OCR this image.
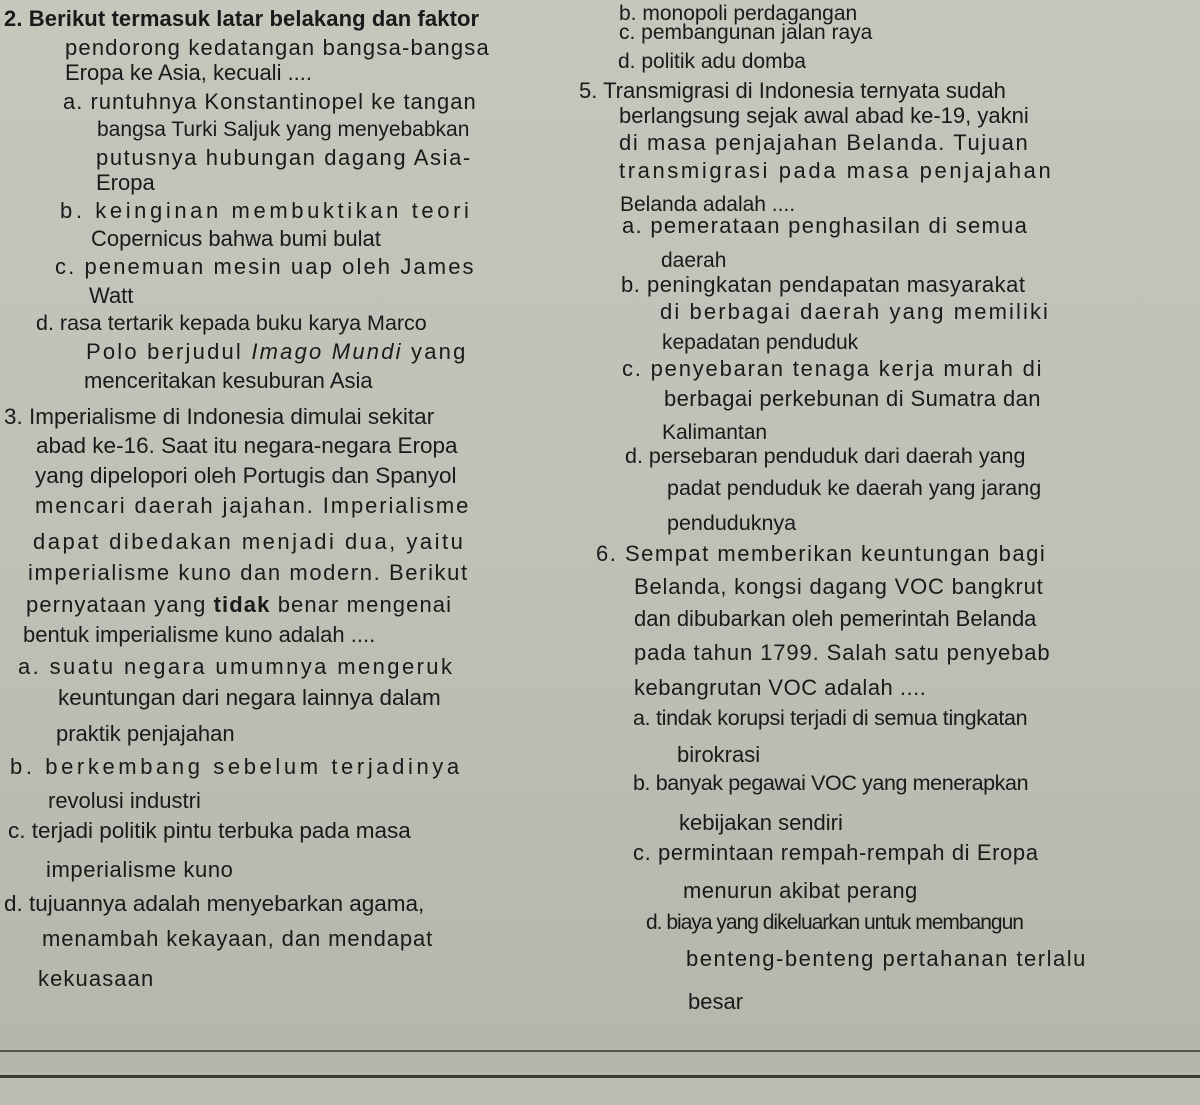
2. Berikut termasuk latar belakang dan faktor
pendorong kedatangan bangsa-bangsa
Eropa ke Asia, kecuali ....
a. runtuhnya Konstantinopel ke tangan
bangsa Turki Saljuk yang menyebabkan
putusnya hubungan dagang Asia-
Eropa
b. keinginan membuktikan teori
Copernicus bahwa bumi bulat
c. penemuan mesin uap oleh James
Watt
d. rasa tertarik kepada buku karya Marco
Polo berjudul Imago Mundi yang
menceritakan kesuburan Asia
3. Imperialisme di Indonesia dimulai sekitar
abad ke-16. Saat itu negara-negara Eropa
yang dipelopori oleh Portugis dan Spanyol
mencari daerah jajahan. Imperialisme
dapat dibedakan menjadi dua, yaitu
imperialisme kuno dan modern. Berikut
pernyataan yang tidak benar mengenai
bentuk imperialisme kuno adalah ....
a. suatu negara umumnya mengeruk
keuntungan dari negara lainnya dalam
praktik penjajahan
b. berkembang sebelum terjadinya
revolusi industri
c. terjadi politik pintu terbuka pada masa
imperialisme kuno
d. tujuannya adalah menyebarkan agama,
menambah kekayaan, dan mendapat
kekuasaan
b. monopoli perdagangan
c. pembangunan jalan raya
d. politik adu domba
5. Transmigrasi di Indonesia ternyata sudah
berlangsung sejak awal abad ke-19, yakni
di masa penjajahan Belanda. Tujuan
transmigrasi pada masa penjajahan
Belanda adalah ....
a. pemerataan penghasilan di semua
daerah
b. peningkatan pendapatan masyarakat
di berbagai daerah yang memiliki
kepadatan penduduk
c. penyebaran tenaga kerja murah di
berbagai perkebunan di Sumatra dan
Kalimantan
d. persebaran penduduk dari daerah yang
padat penduduk ke daerah yang jarang
penduduknya
6. Sempat memberikan keuntungan bagi
Belanda, kongsi dagang VOC bangkrut
dan dibubarkan oleh pemerintah Belanda
pada tahun 1799. Salah satu penyebab
kebangrutan VOC adalah ....
a. tindak korupsi terjadi di semua tingkatan
birokrasi
b. banyak pegawai VOC yang menerapkan
kebijakan sendiri
c. permintaan rempah-rempah di Eropa
menurun akibat perang
d. biaya yang dikeluarkan untuk membangun
benteng-benteng pertahanan terlalu
besar
